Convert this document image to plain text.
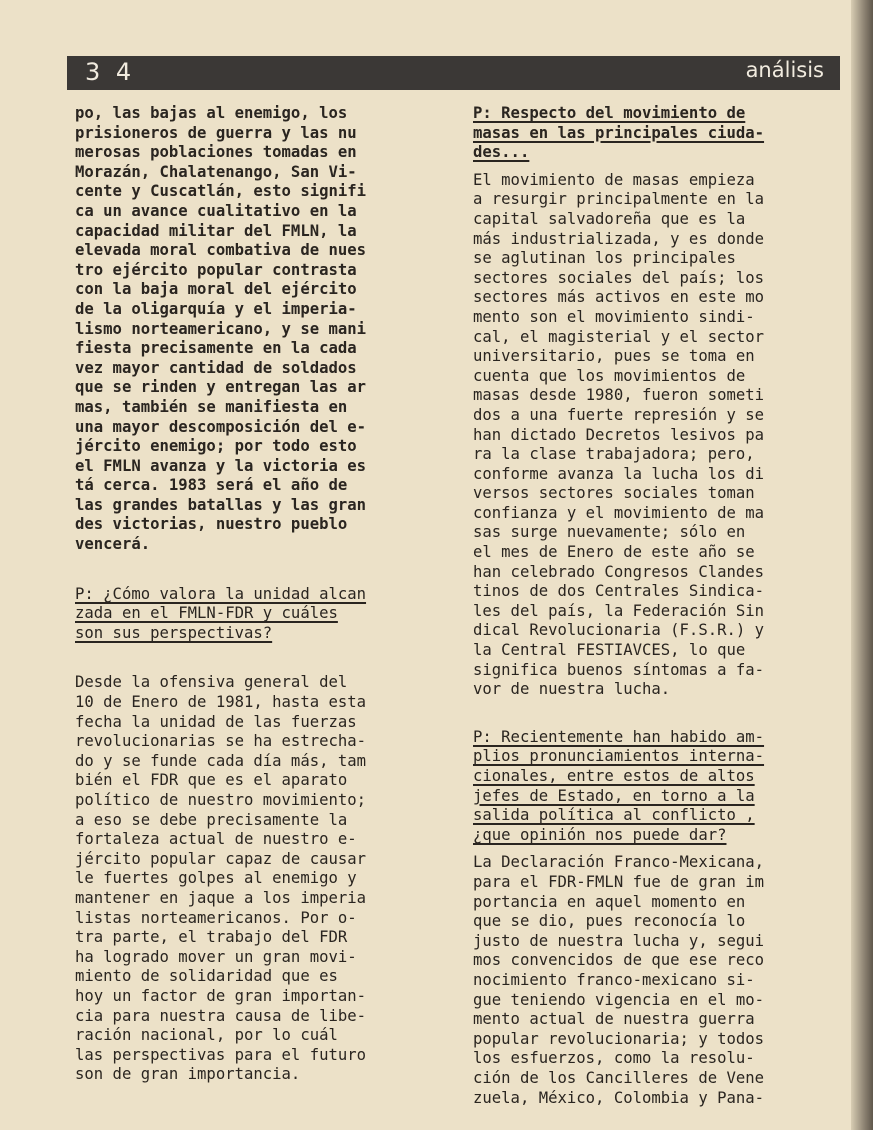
3 4	análisis

po, las bajas al enemigo, los
prisioneros de guerra y las nu
merosas poblaciones tomadas en
Morazán, Chalatenango, San Vi-
cente y Cuscatlán, esto signifi
ca un avance cualitativo en la
capacidad militar del FMLN, la
elevada moral combativa de nues
tro ejército popular contrasta
con la baja moral del ejército
de la oligarquía y el imperia-
lismo norteamericano, y se mani
fiesta precisamente en la cada
vez mayor cantidad de soldados
que se rinden y entregan las ar
mas, también se manifiesta en
una mayor descomposición del e-
jército enemigo; por todo esto
el FMLN avanza y la victoria es
tá cerca. 1983 será el año de
las grandes batallas y las gran
des victorias, nuestro pueblo
vencerá.

P: ¿Cómo valora la unidad alcan
zada en el FMLN-FDR y cuáles
son sus perspectivas?

Desde la ofensiva general del
10 de Enero de 1981, hasta esta
fecha la unidad de las fuerzas
revolucionarias se ha estrecha-
do y se funde cada día más, tam
bién el FDR que es el aparato
político de nuestro movimiento;
a eso se debe precisamente la
fortaleza actual de nuestro e-
jército popular capaz de causar
le fuertes golpes al enemigo y
mantener en jaque a los imperia
listas norteamericanos. Por o-
tra parte, el trabajo del FDR
ha logrado mover un gran movi-
miento de solidaridad que es
hoy un factor de gran importan-
cia para nuestra causa de libe-
ración nacional, por lo cuál
las perspectivas para el futuro
son de gran importancia.

P: Respecto del movimiento de
masas en las principales ciuda-
des...

El movimiento de masas empieza
a resurgir principalmente en la
capital salvadoreña que es la
más industrializada, y es donde
se aglutinan los principales
sectores sociales del país; los
sectores más activos en este mo
mento son el movimiento sindi-
cal, el magisterial y el sector
universitario, pues se toma en
cuenta que los movimientos de
masas desde 1980, fueron someti
dos a una fuerte represión y se
han dictado Decretos lesivos pa
ra la clase trabajadora; pero,
conforme avanza la lucha los di
versos sectores sociales toman
confianza y el movimiento de ma
sas surge nuevamente; sólo en
el mes de Enero de este año se
han celebrado Congresos Clandes
tinos de dos Centrales Sindica-
les del país, la Federación Sin
dical Revolucionaria (F.S.R.) y
la Central FESTIAVCES, lo que
significa buenos síntomas a fa-
vor de nuestra lucha.

P: Recientemente han habido am-
plios pronunciamientos interna-
cionales, entre estos de altos
jefes de Estado, en torno a la
salida política al conflicto ,
¿que opinión nos puede dar?

La Declaración Franco-Mexicana,
para el FDR-FMLN fue de gran im
portancia en aquel momento en
que se dio, pues reconocía lo
justo de nuestra lucha y, segui
mos convencidos de que ese reco
nocimiento franco-mexicano si-
gue teniendo vigencia en el mo-
mento actual de nuestra guerra
popular revolucionaria; y todos
los esfuerzos, como la resolu-
ción de los Cancilleres de Vene
zuela, México, Colombia y Pana-
